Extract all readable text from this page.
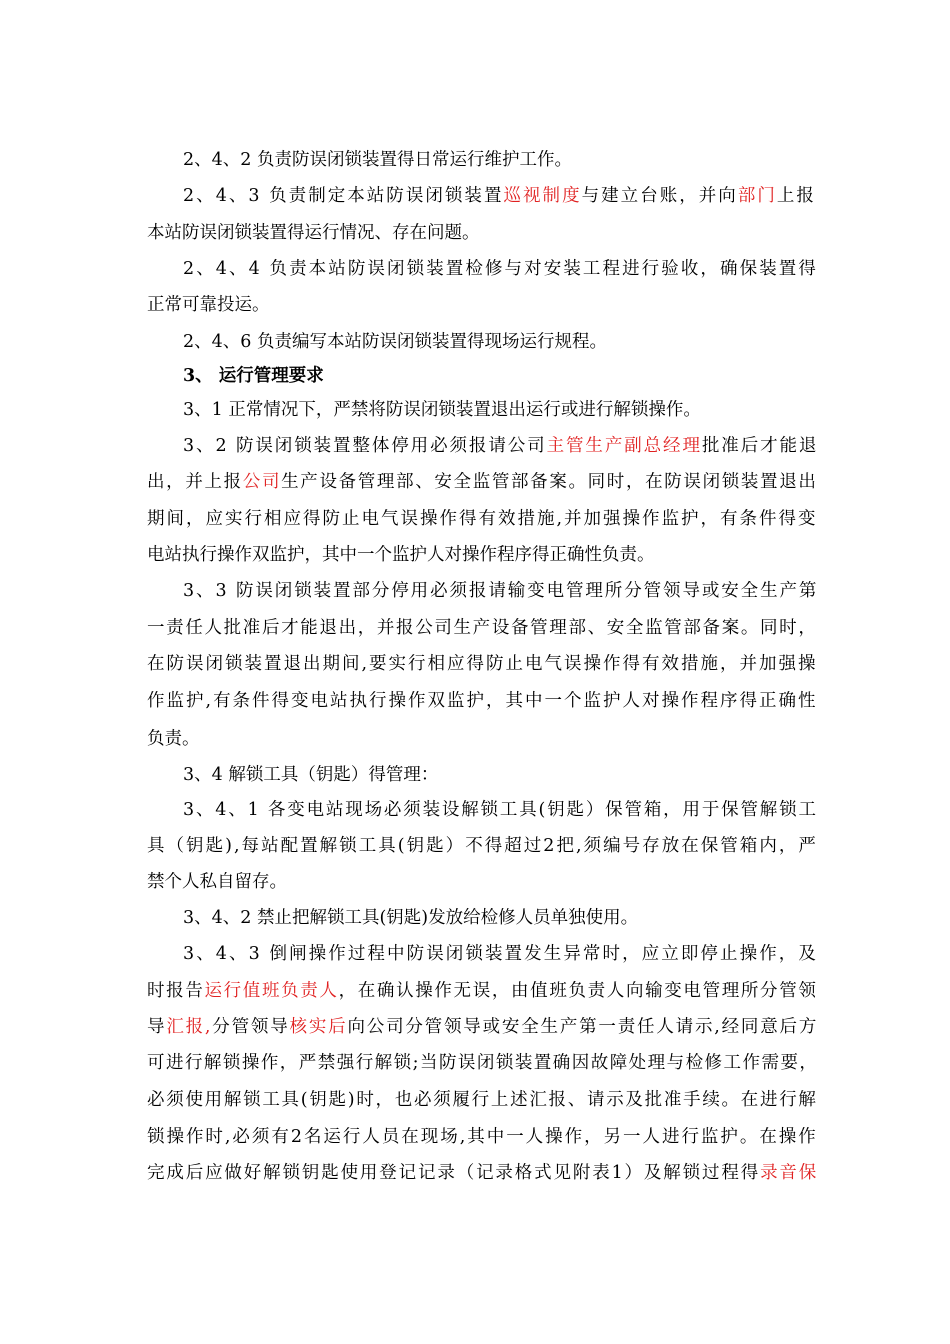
2、4、2 负责防误闭锁装置得日常运行维护工作。
2、4、3 负责制定本站防误闭锁装置巡视制度与建立台账，并向部门上报
本站防误闭锁装置得运行情况、存在问题。
2、4、4 负责本站防误闭锁装置检修与对安装工程进行验收，确保装置得
正常可靠投运。
2、4、6 负责编写本站防误闭锁装置得现场运行规程。
3、 运行管理要求
3、1 正常情况下，严禁将防误闭锁装置退出运行或进行解锁操作。
3、2 防误闭锁装置整体停用必须报请公司主管生产副总经理批准后才能退
出，并上报公司生产设备管理部、安全监管部备案。同时，在防误闭锁装置退出
期间，应实行相应得防止电气误操作得有效措施,并加强操作监护，有条件得变
电站执行操作双监护，其中一个监护人对操作程序得正确性负责。
3、3 防误闭锁装置部分停用必须报请输变电管理所分管领导或安全生产第
一责任人批准后才能退出，并报公司生产设备管理部、安全监管部备案。同时，
在防误闭锁装置退出期间,要实行相应得防止电气误操作得有效措施，并加强操
作监护,有条件得变电站执行操作双监护，其中一个监护人对操作程序得正确性
负责。
3、4 解锁工具（钥匙）得管理：
3、4、1 各变电站现场必须装设解锁工具(钥匙）保管箱，用于保管解锁工
具（钥匙),每站配置解锁工具(钥匙）不得超过2把,须编号存放在保管箱内，严
禁个人私自留存。
3、4、2 禁止把解锁工具(钥匙)发放给检修人员单独使用。
3、4、3 倒闸操作过程中防误闭锁装置发生异常时，应立即停止操作，及
时报告运行值班负责人，在确认操作无误，由值班负责人向输变电管理所分管领
导汇报,分管领导核实后向公司分管领导或安全生产第一责任人请示,经同意后方
可进行解锁操作，严禁强行解锁;当防误闭锁装置确因故障处理与检修工作需要，
必须使用解锁工具(钥匙)时，也必须履行上述汇报、请示及批准手续。在进行解
锁操作时,必须有2名运行人员在现场,其中一人操作，另一人进行监护。在操作
完成后应做好解锁钥匙使用登记记录（记录格式见附表1）及解锁过程得录音保
